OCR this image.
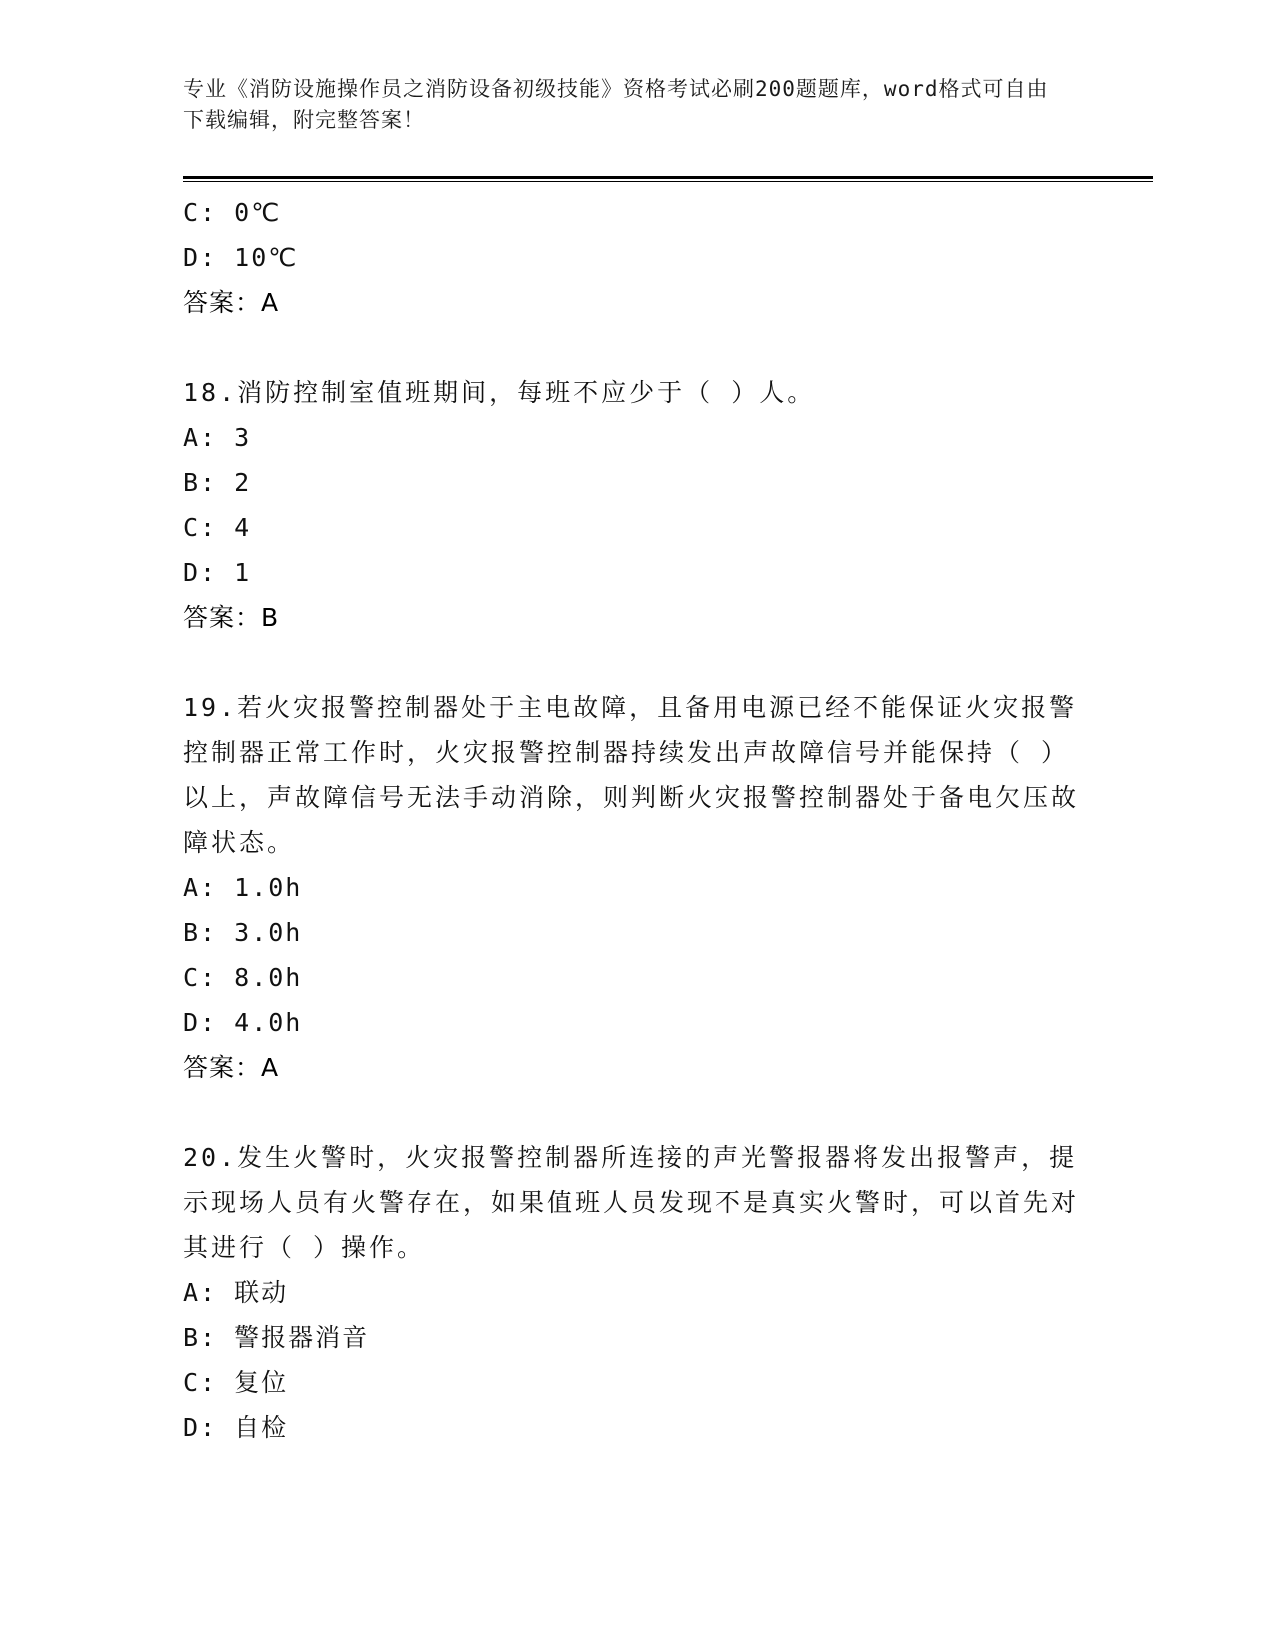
专业《消防设施操作员之消防设备初级技能》资格考试必刷200题题库，word格式可自由下载编辑，附完整答案！
C: 0℃
D: 10℃
答案：A
18.消防控制室值班期间，每班不应少于（ ）人。
A: 3
B: 2
C: 4
D: 1
答案：B
19.若火灾报警控制器处于主电故障，且备用电源已经不能保证火灾报警控制器正常工作时，火灾报警控制器持续发出声故障信号并能保持（ ）以上，声故障信号无法手动消除，则判断火灾报警控制器处于备电欠压故障状态。
A: 1.0h
B: 3.0h
C: 8.0h
D: 4.0h
答案：A
20.发生火警时，火灾报警控制器所连接的声光警报器将发出报警声，提示现场人员有火警存在，如果值班人员发现不是真实火警时，可以首先对其进行（ ）操作。
A: 联动
B: 警报器消音
C: 复位
D: 自检
